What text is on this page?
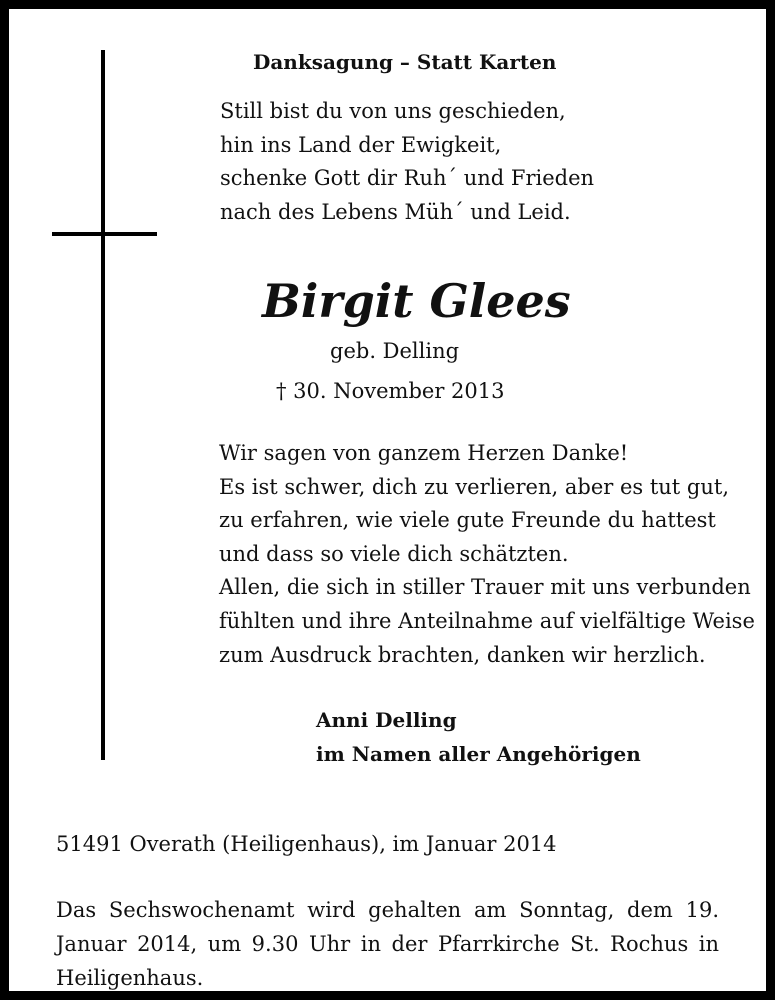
Danksagung – Statt Karten
Still bist du von uns geschieden,
hin ins Land der Ewigkeit,
schenke Gott dir Ruh´ und Frieden
nach des Lebens Müh´ und Leid.
Birgit Glees
geb. Delling
† 30. November 2013
Wir sagen von ganzem Herzen Danke!
Es ist schwer, dich zu verlieren, aber es tut gut,
zu erfahren, wie viele gute Freunde du hattest
und dass so viele dich schätzten.
Allen, die sich in stiller Trauer mit uns verbunden
fühlten und ihre Anteilnahme auf vielfältige Weise
zum Ausdruck brachten, danken wir herzlich.
Anni Delling
im Namen aller Angehörigen
51491 Overath (Heiligenhaus), im Januar 2014
Das Sechswochenamt wird gehalten am Sonntag, dem 19. Januar 2014, um 9.30 Uhr in der Pfarrkirche St. Rochus in Heiligenhaus.
